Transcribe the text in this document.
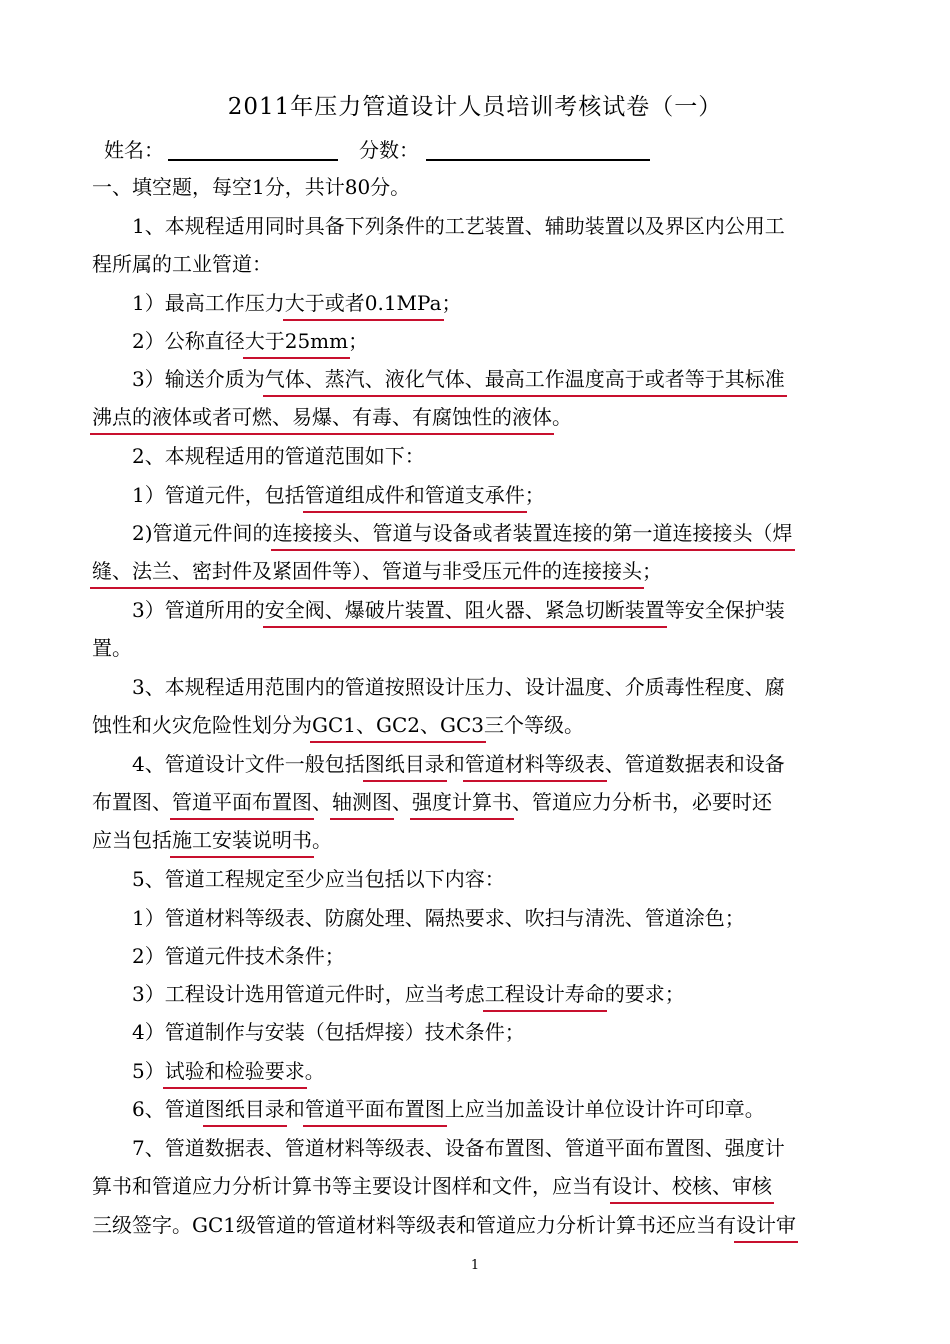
2011年压力管道设计人员培训考核试卷（一）
姓名：	分数：
一、填空题，每空1分，共计80分。
1、本规程适用同时具备下列条件的工艺装置、辅助装置以及界区内公用工
程所属的工业管道：
1）最高工作压力大于或者0.1MPa；
2）公称直径大于25mm；
3）输送介质为气体、蒸汽、液化气体、最高工作温度高于或者等于其标准
沸点的液体或者可燃、易爆、有毒、有腐蚀性的液体。
2、本规程适用的管道范围如下：
1）管道元件，包括管道组成件和管道支承件；
2)管道元件间的连接接头、管道与设备或者装置连接的第一道连接接头（焊
缝、法兰、密封件及紧固件等）、管道与非受压元件的连接接头；
3）管道所用的安全阀、爆破片装置、阻火器、紧急切断装置等安全保护装
置。
3、本规程适用范围内的管道按照设计压力、设计温度、介质毒性程度、腐
蚀性和火灾危险性划分为GC1、GC2、GC3三个等级。
4、管道设计文件一般包括图纸目录和管道材料等级表、管道数据表和设备
布置图、管道平面布置图、轴测图、强度计算书、管道应力分析书，必要时还
应当包括施工安装说明书。
5、管道工程规定至少应当包括以下内容：
1）管道材料等级表、防腐处理、隔热要求、吹扫与清洗、管道涂色；
2）管道元件技术条件；
3）工程设计选用管道元件时，应当考虑工程设计寿命的要求；
4）管道制作与安装（包括焊接）技术条件；
5）试验和检验要求。
6、管道图纸目录和管道平面布置图上应当加盖设计单位设计许可印章。
7、管道数据表、管道材料等级表、设备布置图、管道平面布置图、强度计
算书和管道应力分析计算书等主要设计图样和文件，应当有设计、校核、审核
三级签字。GC1级管道的管道材料等级表和管道应力分析计算书还应当有设计审
1
